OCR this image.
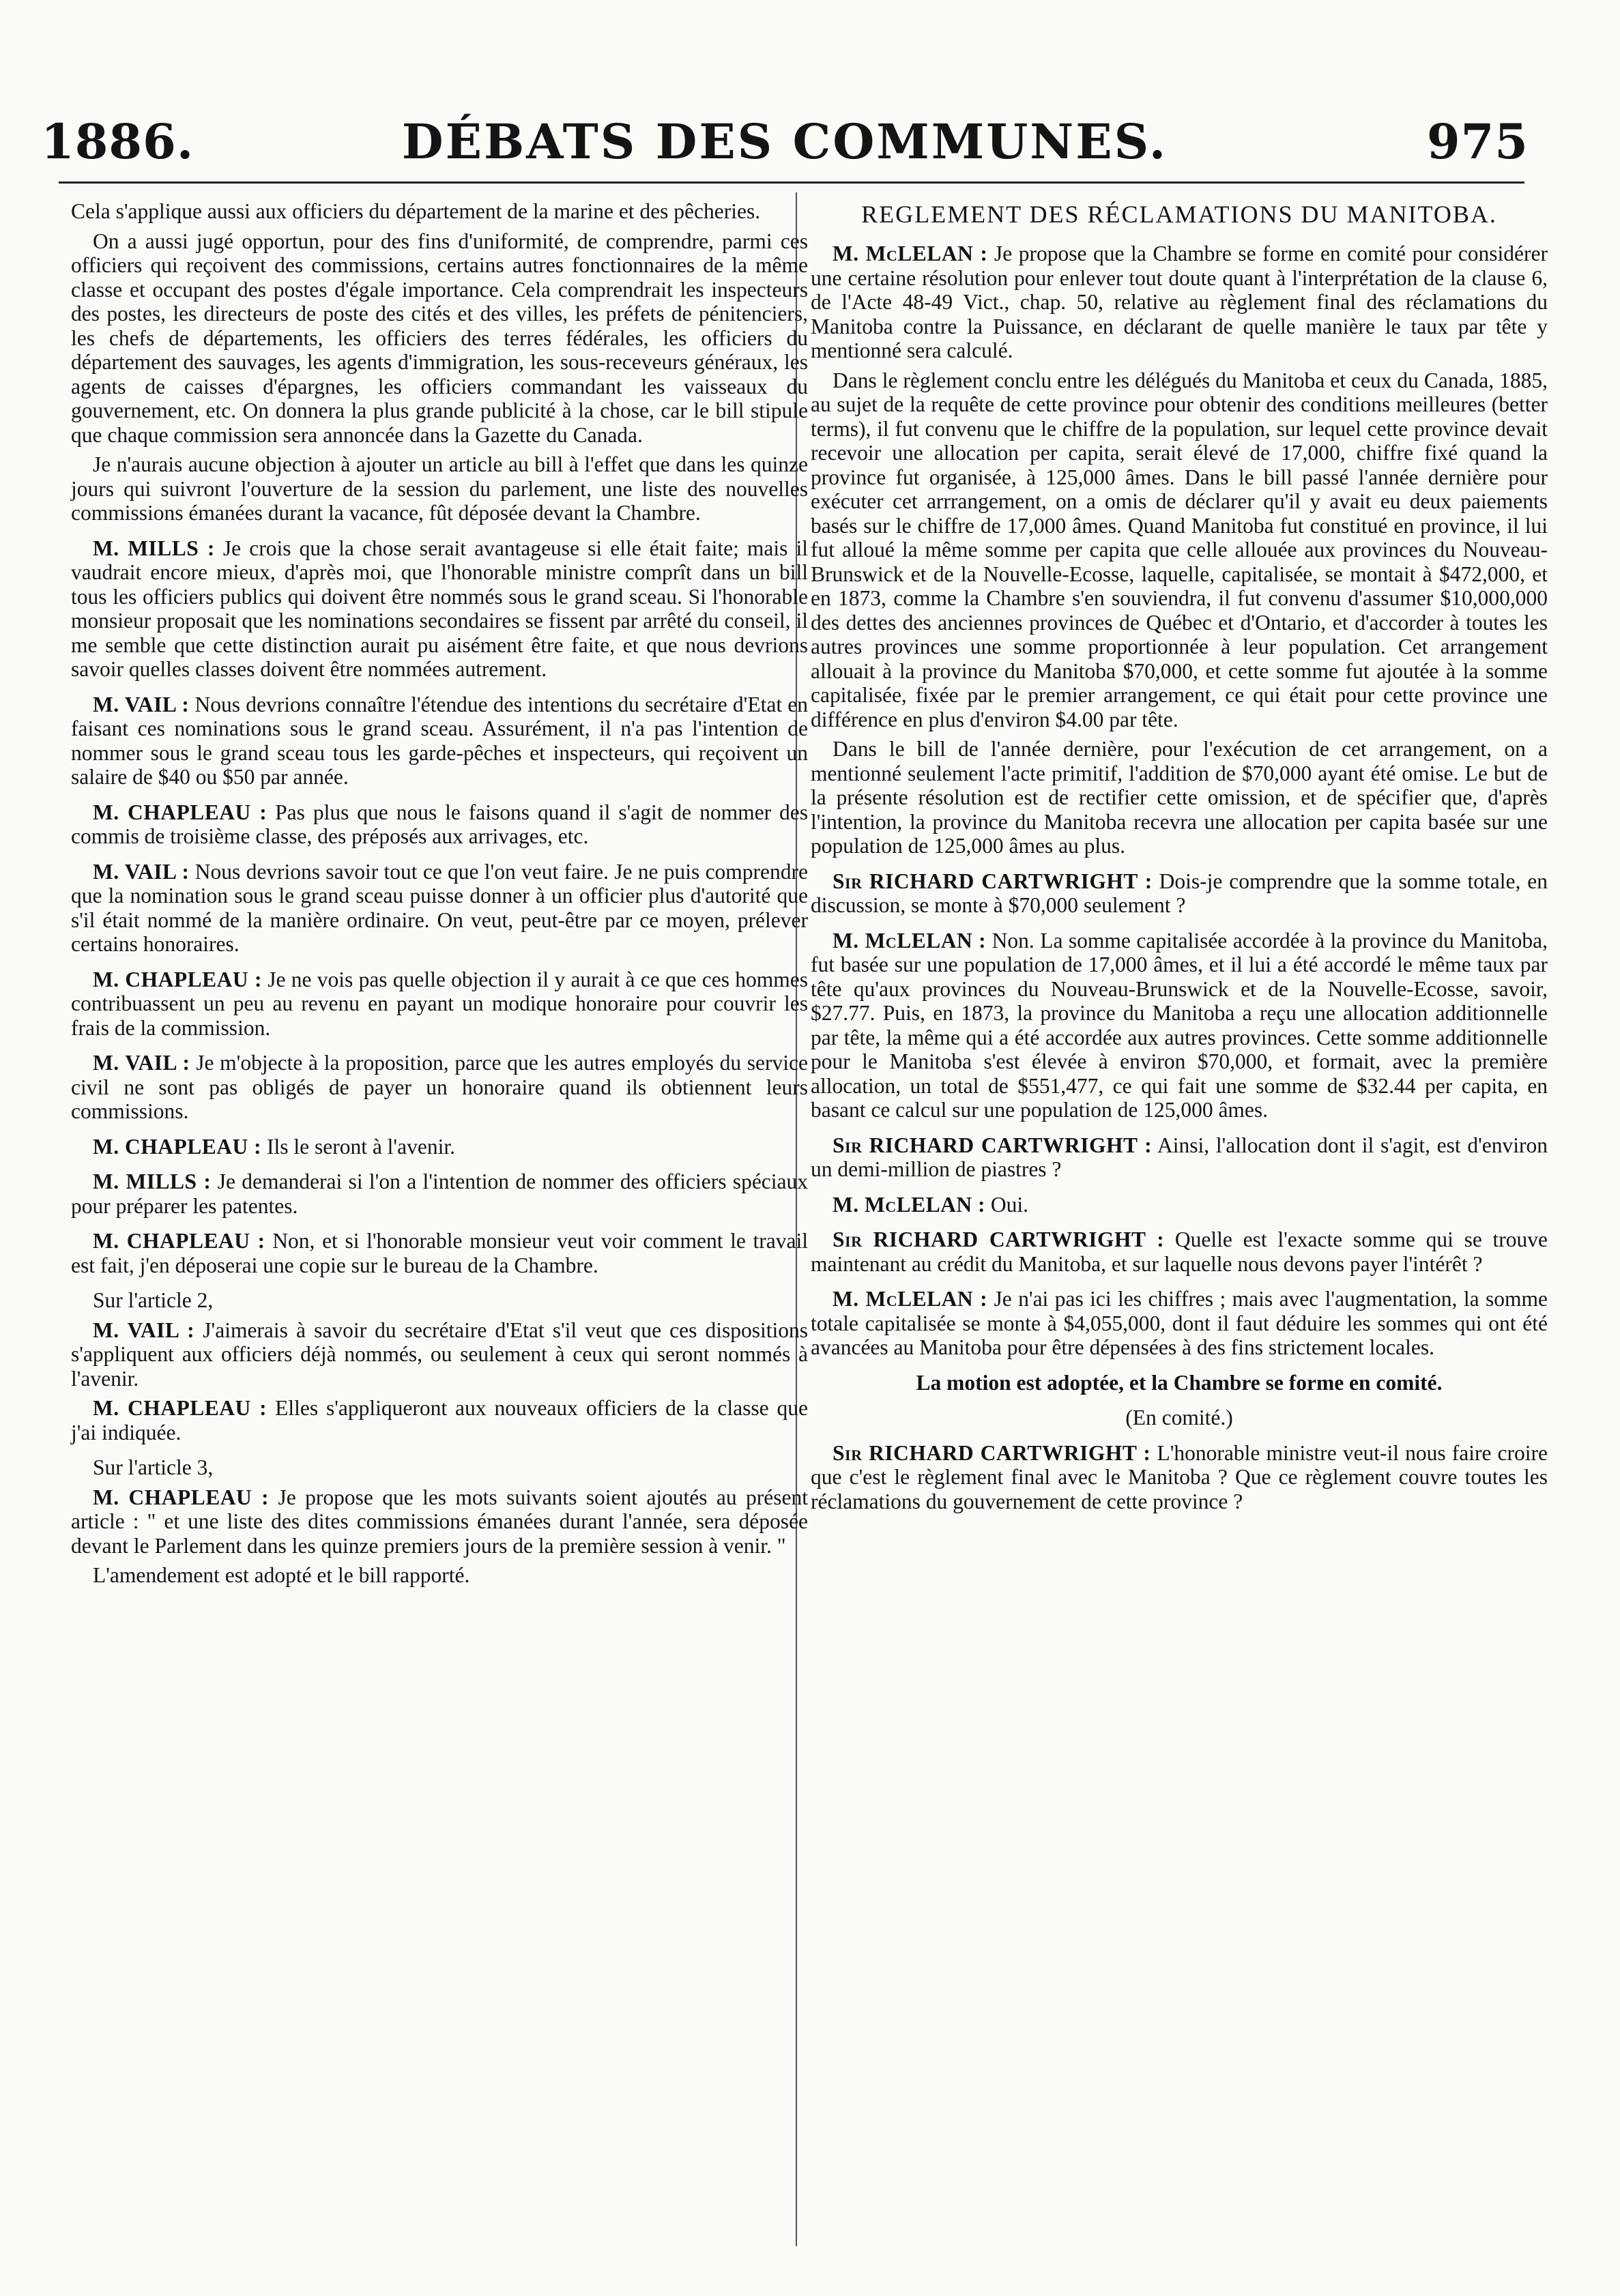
1886.	DÉBATS DES COMMUNES.	975

Cela s'applique aussi aux officiers du département de la marine et des pêcheries.

On a aussi jugé opportun, pour des fins d'uniformité, de comprendre, parmi ces officiers qui reçoivent des commissions, certains autres fonctionnaires de la même classe et occupant des postes d'égale importance. Cela comprendrait les inspecteurs des postes, les directeurs de poste des cités et des villes, les préfets de pénitenciers, les chefs de départements, les officiers des terres fédérales, les officiers du département des sauvages, les agents d'immigration, les sous-receveurs généraux, les agents de caisses d'épargnes, les officiers commandant les vaisseaux du gouvernement, etc. On donnera la plus grande publicité à la chose, car le bill stipule que chaque commission sera annoncée dans la Gazette du Canada.

Je n'aurais aucune objection à ajouter un article au bill à l'effet que dans les quinze jours qui suivront l'ouverture de la session du parlement, une liste des nouvelles commissions émanées durant la vacance, fût déposée devant la Chambre.

M. MILLS : Je crois que la chose serait avantageuse si elle était faite; mais il vaudrait encore mieux, d'après moi, que l'honorable ministre comprît dans un bill tous les officiers publics qui doivent être nommés sous le grand sceau. Si l'honorable monsieur proposait que les nominations secondaires se fissent par arrêté du conseil, il me semble que cette distinction aurait pu aisément être faite, et que nous devrions savoir quelles classes doivent être nommées autrement.

M. VAIL : Nous devrions connaître l'étendue des intentions du secrétaire d'Etat en faisant ces nominations sous le grand sceau. Assurément, il n'a pas l'intention de nommer sous le grand sceau tous les garde-pêches et inspecteurs, qui reçoivent un salaire de $40 ou $50 par année.

M. CHAPLEAU : Pas plus que nous le faisons quand il s'agit de nommer des commis de troisième classe, des préposés aux arrivages, etc.

M. VAIL : Nous devrions savoir tout ce que l'on veut faire. Je ne puis comprendre que la nomination sous le grand sceau puisse donner à un officier plus d'autorité que s'il était nommé de la manière ordinaire. On veut, peut-être par ce moyen, prélever certains honoraires.

M. CHAPLEAU : Je ne vois pas quelle objection il y aurait à ce que ces hommes contribuassent un peu au revenu en payant un modique honoraire pour couvrir les frais de la commission.

M. VAIL : Je m'objecte à la proposition, parce que les autres employés du service civil ne sont pas obligés de payer un honoraire quand ils obtiennent leurs commissions.

M. CHAPLEAU : Ils le seront à l'avenir.

M. MILLS : Je demanderai si l'on a l'intention de nommer des officiers spéciaux pour préparer les patentes.

M. CHAPLEAU : Non, et si l'honorable monsieur veut voir comment le travail est fait, j'en déposerai une copie sur le bureau de la Chambre.

Sur l'article 2,

M. VAIL : J'aimerais à savoir du secrétaire d'Etat s'il veut que ces dispositions s'appliquent aux officiers déjà nommés, ou seulement à ceux qui seront nommés à l'avenir.

M. CHAPLEAU : Elles s'appliqueront aux nouveaux officiers de la classe que j'ai indiquée.

Sur l'article 3,

M. CHAPLEAU : Je propose que les mots suivants soient ajoutés au présent article : " et une liste des dites commissions émanées durant l'année, sera déposée devant le Parlement dans les quinze premiers jours de la première session à venir. "

L'amendement est adopté et le bill rapporté.

REGLEMENT DES RÉCLAMATIONS DU MANITOBA.

M. McLELAN : Je propose que la Chambre se forme en comité pour considérer une certaine résolution pour enlever tout doute quant à l'interprétation de la clause 6, de l'Acte 48-49 Vict., chap. 50, relative au règlement final des réclamations du Manitoba contre la Puissance, en déclarant de quelle manière le taux par tête y mentionné sera calculé.

Dans le règlement conclu entre les délégués du Manitoba et ceux du Canada, 1885, au sujet de la requête de cette province pour obtenir des conditions meilleures (better terms), il fut convenu que le chiffre de la population, sur lequel cette province devait recevoir une allocation per capita, serait élevé de 17,000, chiffre fixé quand la province fut organisée, à 125,000 âmes. Dans le bill passé l'année dernière pour exécuter cet arrrangement, on a omis de déclarer qu'il y avait eu deux paiements basés sur le chiffre de 17,000 âmes. Quand Manitoba fut constitué en province, il lui fut alloué la même somme per capita que celle allouée aux provinces du Nouveau-Brunswick et de la Nouvelle-Ecosse, laquelle, capitalisée, se montait à $472,000, et en 1873, comme la Chambre s'en souviendra, il fut convenu d'assumer $10,000,000 des dettes des anciennes provinces de Québec et d'Ontario, et d'accorder à toutes les autres provinces une somme proportionnée à leur population. Cet arrangement allouait à la province du Manitoba $70,000, et cette somme fut ajoutée à la somme capitalisée, fixée par le premier arrangement, ce qui était pour cette province une différence en plus d'environ $4.00 par tête.

Dans le bill de l'année dernière, pour l'exécution de cet arrangement, on a mentionné seulement l'acte primitif, l'addition de $70,000 ayant été omise. Le but de la présente résolution est de rectifier cette omission, et de spécifier que, d'après l'intention, la province du Manitoba recevra une allocation per capita basée sur une population de 125,000 âmes au plus.

Sir RICHARD CARTWRIGHT : Dois-je comprendre que la somme totale, en discussion, se monte à $70,000 seulement ?

M. McLELAN : Non. La somme capitalisée accordée à la province du Manitoba, fut basée sur une population de 17,000 âmes, et il lui a été accordé le même taux par tête qu'aux provinces du Nouveau-Brunswick et de la Nouvelle-Ecosse, savoir, $27.77. Puis, en 1873, la province du Manitoba a reçu une allocation additionnelle par tête, la même qui a été accordée aux autres provinces. Cette somme additionnelle pour le Manitoba s'est élevée à environ $70,000, et formait, avec la première allocation, un total de $551,477, ce qui fait une somme de $32.44 per capita, en basant ce calcul sur une population de 125,000 âmes.

Sir RICHARD CARTWRIGHT : Ainsi, l'allocation dont il s'agit, est d'environ un demi-million de piastres ?

M. McLELAN : Oui.

Sir RICHARD CARTWRIGHT : Quelle est l'exacte somme qui se trouve maintenant au crédit du Manitoba, et sur laquelle nous devons payer l'intérêt ?

M. McLELAN : Je n'ai pas ici les chiffres ; mais avec l'augmentation, la somme totale capitalisée se monte à $4,055,000, dont il faut déduire les sommes qui ont été avancées au Manitoba pour être dépensées à des fins strictement locales.

La motion est adoptée, et la Chambre se forme en comité.

(En comité.)

Sir RICHARD CARTWRIGHT : L'honorable ministre veut-il nous faire croire que c'est le règlement final avec le Manitoba ? Que ce règlement couvre toutes les réclamations du gouvernement de cette province ?
